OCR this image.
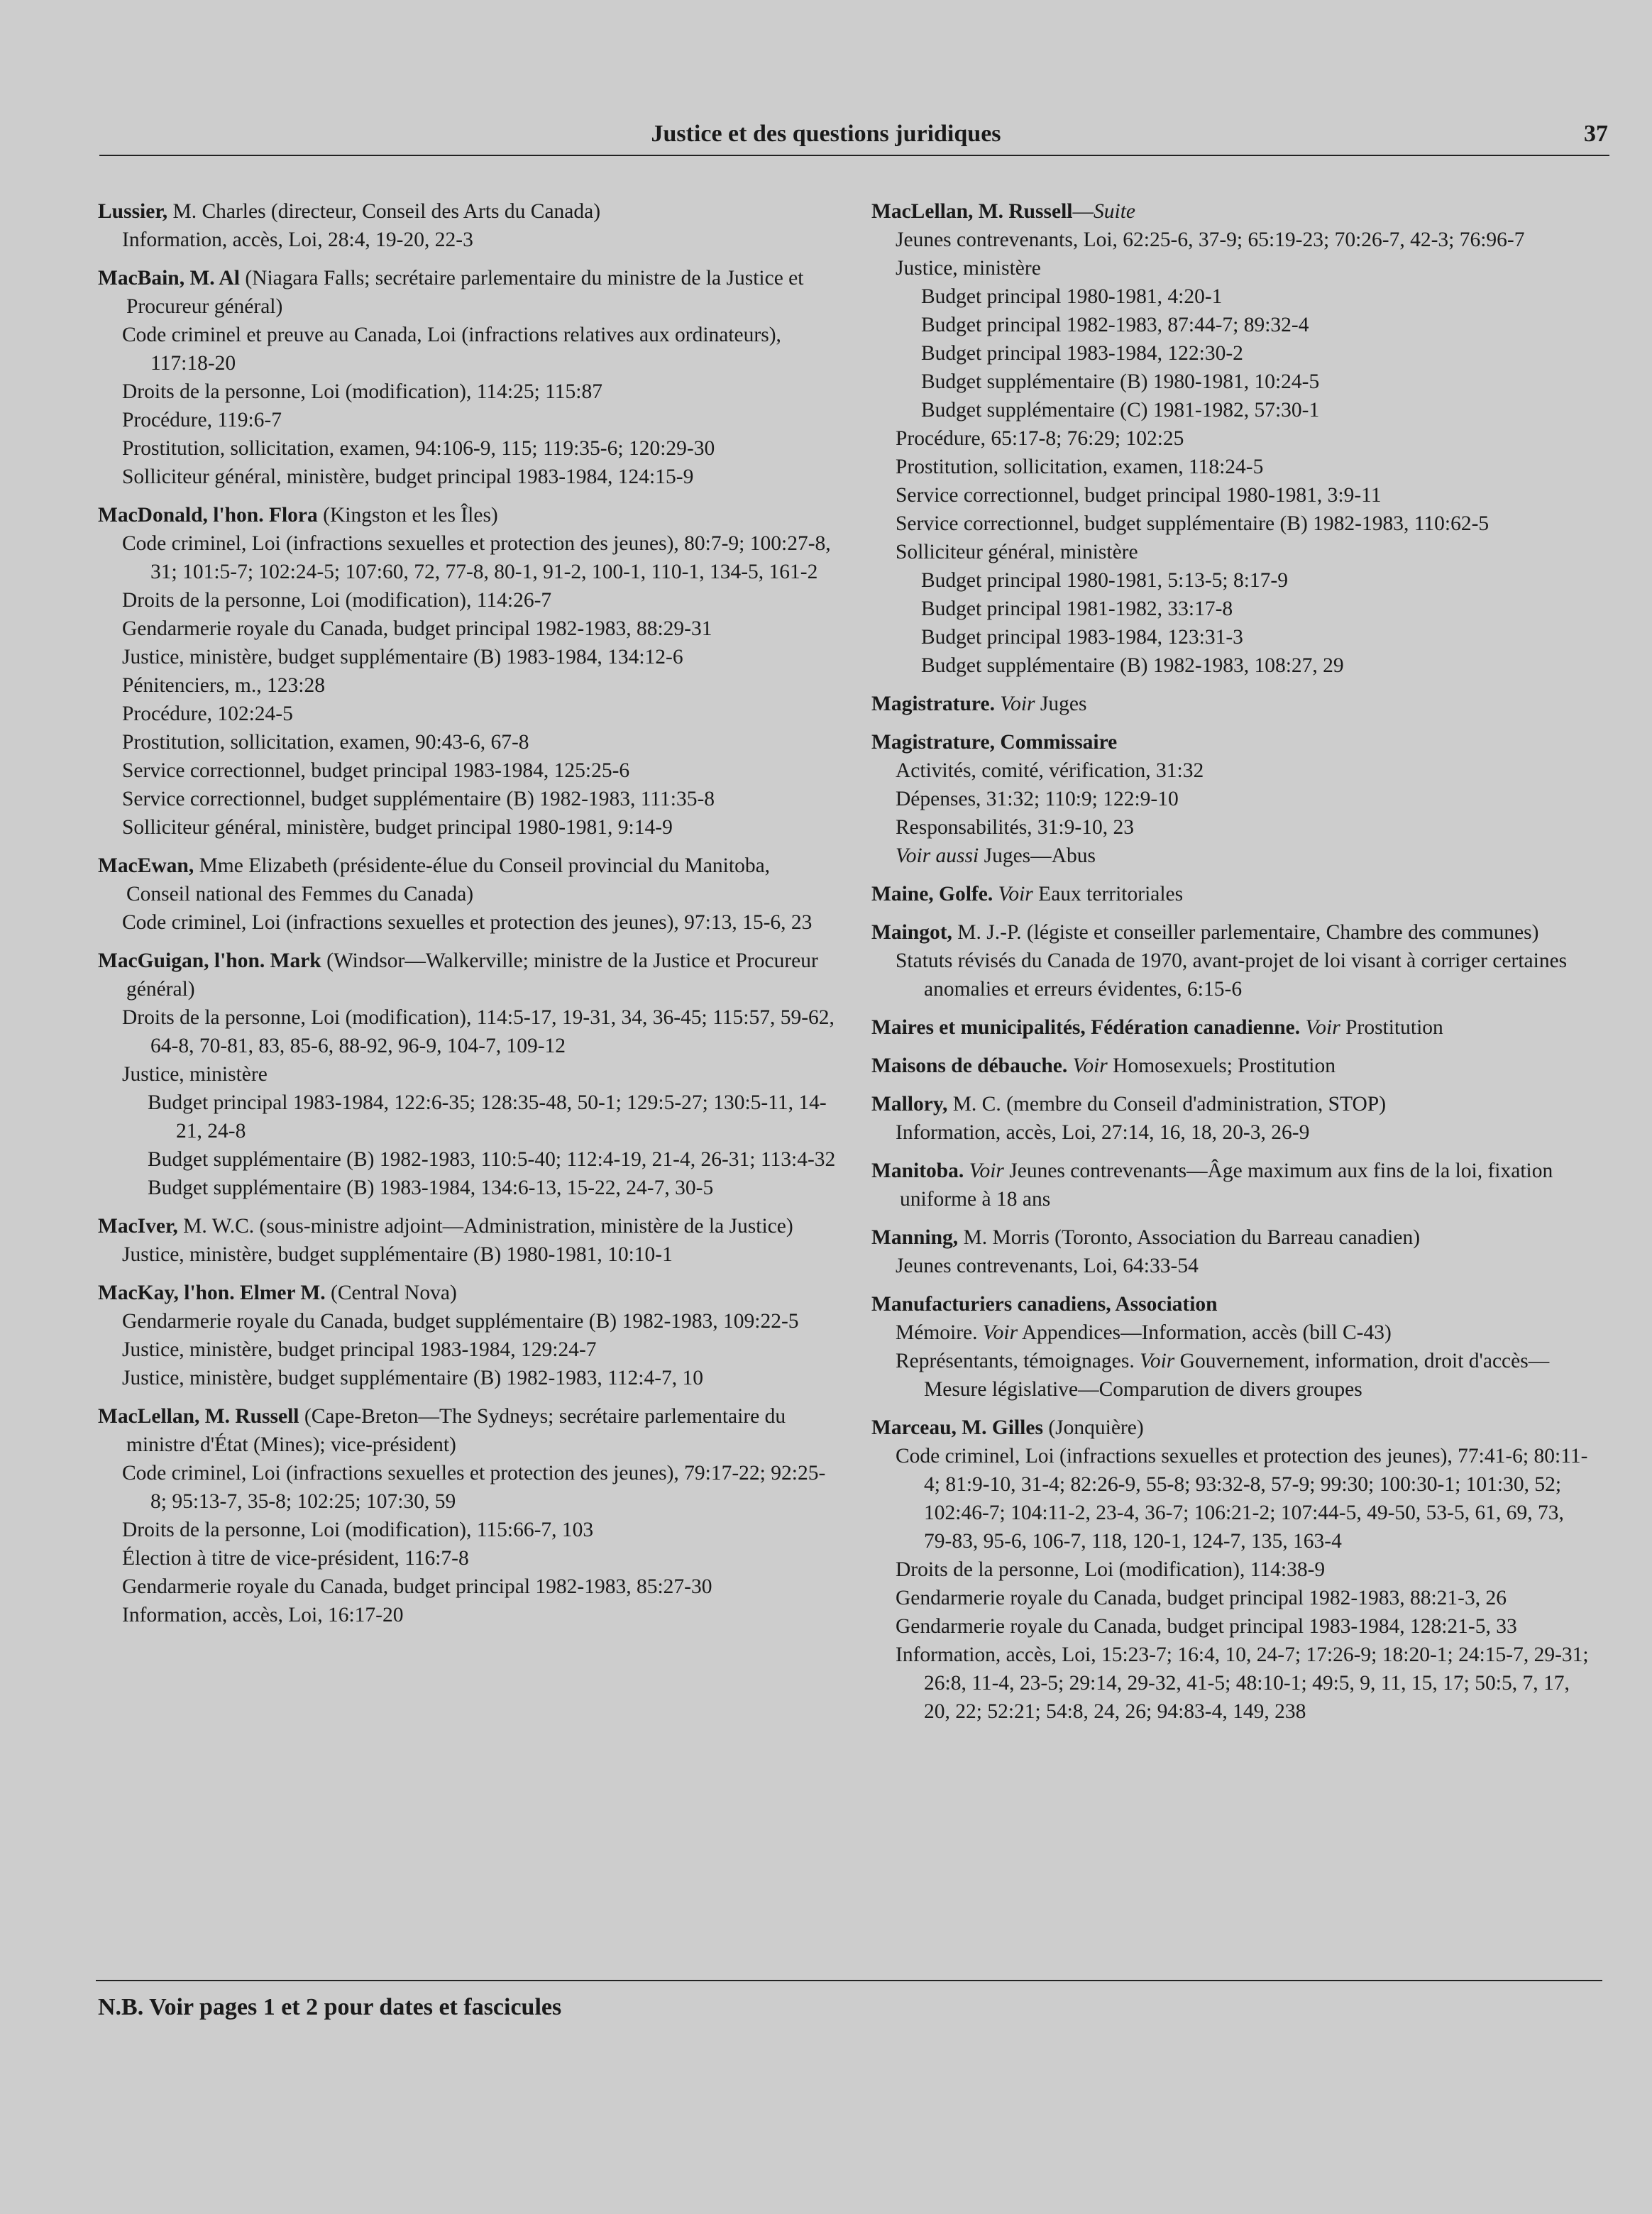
Justice et des questions juridiques	37
Lussier, M. Charles (directeur, Conseil des Arts du Canada)
Information, accès, Loi, 28:4, 19-20, 22-3
MacBain, M. Al (Niagara Falls; secrétaire parlementaire du ministre de la Justice et Procureur général)
Code criminel et preuve au Canada, Loi (infractions relatives aux ordinateurs), 117:18-20
Droits de la personne, Loi (modification), 114:25; 115:87
Procédure, 119:6-7
Prostitution, sollicitation, examen, 94:106-9, 115; 119:35-6; 120:29-30
Solliciteur général, ministère, budget principal 1983-1984, 124:15-9
MacDonald, l'hon. Flora (Kingston et les Îles)
Code criminel, Loi (infractions sexuelles et protection des jeunes), 80:7-9; 100:27-8, 31; 101:5-7; 102:24-5; 107:60, 72, 77-8, 80-1, 91-2, 100-1, 110-1, 134-5, 161-2
Droits de la personne, Loi (modification), 114:26-7
Gendarmerie royale du Canada, budget principal 1982-1983, 88:29-31
Justice, ministère, budget supplémentaire (B) 1983-1984, 134:12-6
Pénitenciers, m., 123:28
Procédure, 102:24-5
Prostitution, sollicitation, examen, 90:43-6, 67-8
Service correctionnel, budget principal 1983-1984, 125:25-6
Service correctionnel, budget supplémentaire (B) 1982-1983, 111:35-8
Solliciteur général, ministère, budget principal 1980-1981, 9:14-9
MacEwan, Mme Elizabeth (présidente-élue du Conseil provincial du Manitoba, Conseil national des Femmes du Canada)
Code criminel, Loi (infractions sexuelles et protection des jeunes), 97:13, 15-6, 23
MacGuigan, l'hon. Mark (Windsor—Walkerville; ministre de la Justice et Procureur général)
Droits de la personne, Loi (modification), 114:5-17, 19-31, 34, 36-45; 115:57, 59-62, 64-8, 70-81, 83, 85-6, 88-92, 96-9, 104-7, 109-12
Justice, ministère
Budget principal 1983-1984, 122:6-35; 128:35-48, 50-1; 129:5-27; 130:5-11, 14-21, 24-8
Budget supplémentaire (B) 1982-1983, 110:5-40; 112:4-19, 21-4, 26-31; 113:4-32
Budget supplémentaire (B) 1983-1984, 134:6-13, 15-22, 24-7, 30-5
MacIver, M. W.C. (sous-ministre adjoint—Administration, ministère de la Justice)
Justice, ministère, budget supplémentaire (B) 1980-1981, 10:10-1
MacKay, l'hon. Elmer M. (Central Nova)
Gendarmerie royale du Canada, budget supplémentaire (B) 1982-1983, 109:22-5
Justice, ministère, budget principal 1983-1984, 129:24-7
Justice, ministère, budget supplémentaire (B) 1982-1983, 112:4-7, 10
MacLellan, M. Russell (Cape-Breton—The Sydneys; secrétaire parlementaire du ministre d'État (Mines); vice-président)
Code criminel, Loi (infractions sexuelles et protection des jeunes), 79:17-22; 92:25-8; 95:13-7, 35-8; 102:25; 107:30, 59
Droits de la personne, Loi (modification), 115:66-7, 103
Élection à titre de vice-président, 116:7-8
Gendarmerie royale du Canada, budget principal 1982-1983, 85:27-30
Information, accès, Loi, 16:17-20
MacLellan, M. Russell—Suite
Jeunes contrevenants, Loi, 62:25-6, 37-9; 65:19-23; 70:26-7, 42-3; 76:96-7
Justice, ministère
Budget principal 1980-1981, 4:20-1
Budget principal 1982-1983, 87:44-7; 89:32-4
Budget principal 1983-1984, 122:30-2
Budget supplémentaire (B) 1980-1981, 10:24-5
Budget supplémentaire (C) 1981-1982, 57:30-1
Procédure, 65:17-8; 76:29; 102:25
Prostitution, sollicitation, examen, 118:24-5
Service correctionnel, budget principal 1980-1981, 3:9-11
Service correctionnel, budget supplémentaire (B) 1982-1983, 110:62-5
Solliciteur général, ministère
Budget principal 1980-1981, 5:13-5; 8:17-9
Budget principal 1981-1982, 33:17-8
Budget principal 1983-1984, 123:31-3
Budget supplémentaire (B) 1982-1983, 108:27, 29
Magistrature. Voir Juges
Magistrature, Commissaire
Activités, comité, vérification, 31:32
Dépenses, 31:32; 110:9; 122:9-10
Responsabilités, 31:9-10, 23
Voir aussi Juges—Abus
Maine, Golfe. Voir Eaux territoriales
Maingot, M. J.-P. (légiste et conseiller parlementaire, Chambre des communes)
Statuts révisés du Canada de 1970, avant-projet de loi visant à corriger certaines anomalies et erreurs évidentes, 6:15-6
Maires et municipalités, Fédération canadienne. Voir Prostitution
Maisons de débauche. Voir Homosexuels; Prostitution
Mallory, M. C. (membre du Conseil d'administration, STOP)
Information, accès, Loi, 27:14, 16, 18, 20-3, 26-9
Manitoba. Voir Jeunes contrevenants—Âge maximum aux fins de la loi, fixation uniforme à 18 ans
Manning, M. Morris (Toronto, Association du Barreau canadien)
Jeunes contrevenants, Loi, 64:33-54
Manufacturiers canadiens, Association
Mémoire. Voir Appendices—Information, accès (bill C-43)
Représentants, témoignages. Voir Gouvernement, information, droit d'accès—Mesure législative—Comparution de divers groupes
Marceau, M. Gilles (Jonquière)
Code criminel, Loi (infractions sexuelles et protection des jeunes), 77:41-6; 80:11-4; 81:9-10, 31-4; 82:26-9, 55-8; 93:32-8, 57-9; 99:30; 100:30-1; 101:30, 52; 102:46-7; 104:11-2, 23-4, 36-7; 106:21-2; 107:44-5, 49-50, 53-5, 61, 69, 73, 79-83, 95-6, 106-7, 118, 120-1, 124-7, 135, 163-4
Droits de la personne, Loi (modification), 114:38-9
Gendarmerie royale du Canada, budget principal 1982-1983, 88:21-3, 26
Gendarmerie royale du Canada, budget principal 1983-1984, 128:21-5, 33
Information, accès, Loi, 15:23-7; 16:4, 10, 24-7; 17:26-9; 18:20-1; 24:15-7, 29-31; 26:8, 11-4, 23-5; 29:14, 29-32, 41-5; 48:10-1; 49:5, 9, 11, 15, 17; 50:5, 7, 17, 20, 22; 52:21; 54:8, 24, 26; 94:83-4, 149, 238
N.B. Voir pages 1 et 2 pour dates et fascicules
